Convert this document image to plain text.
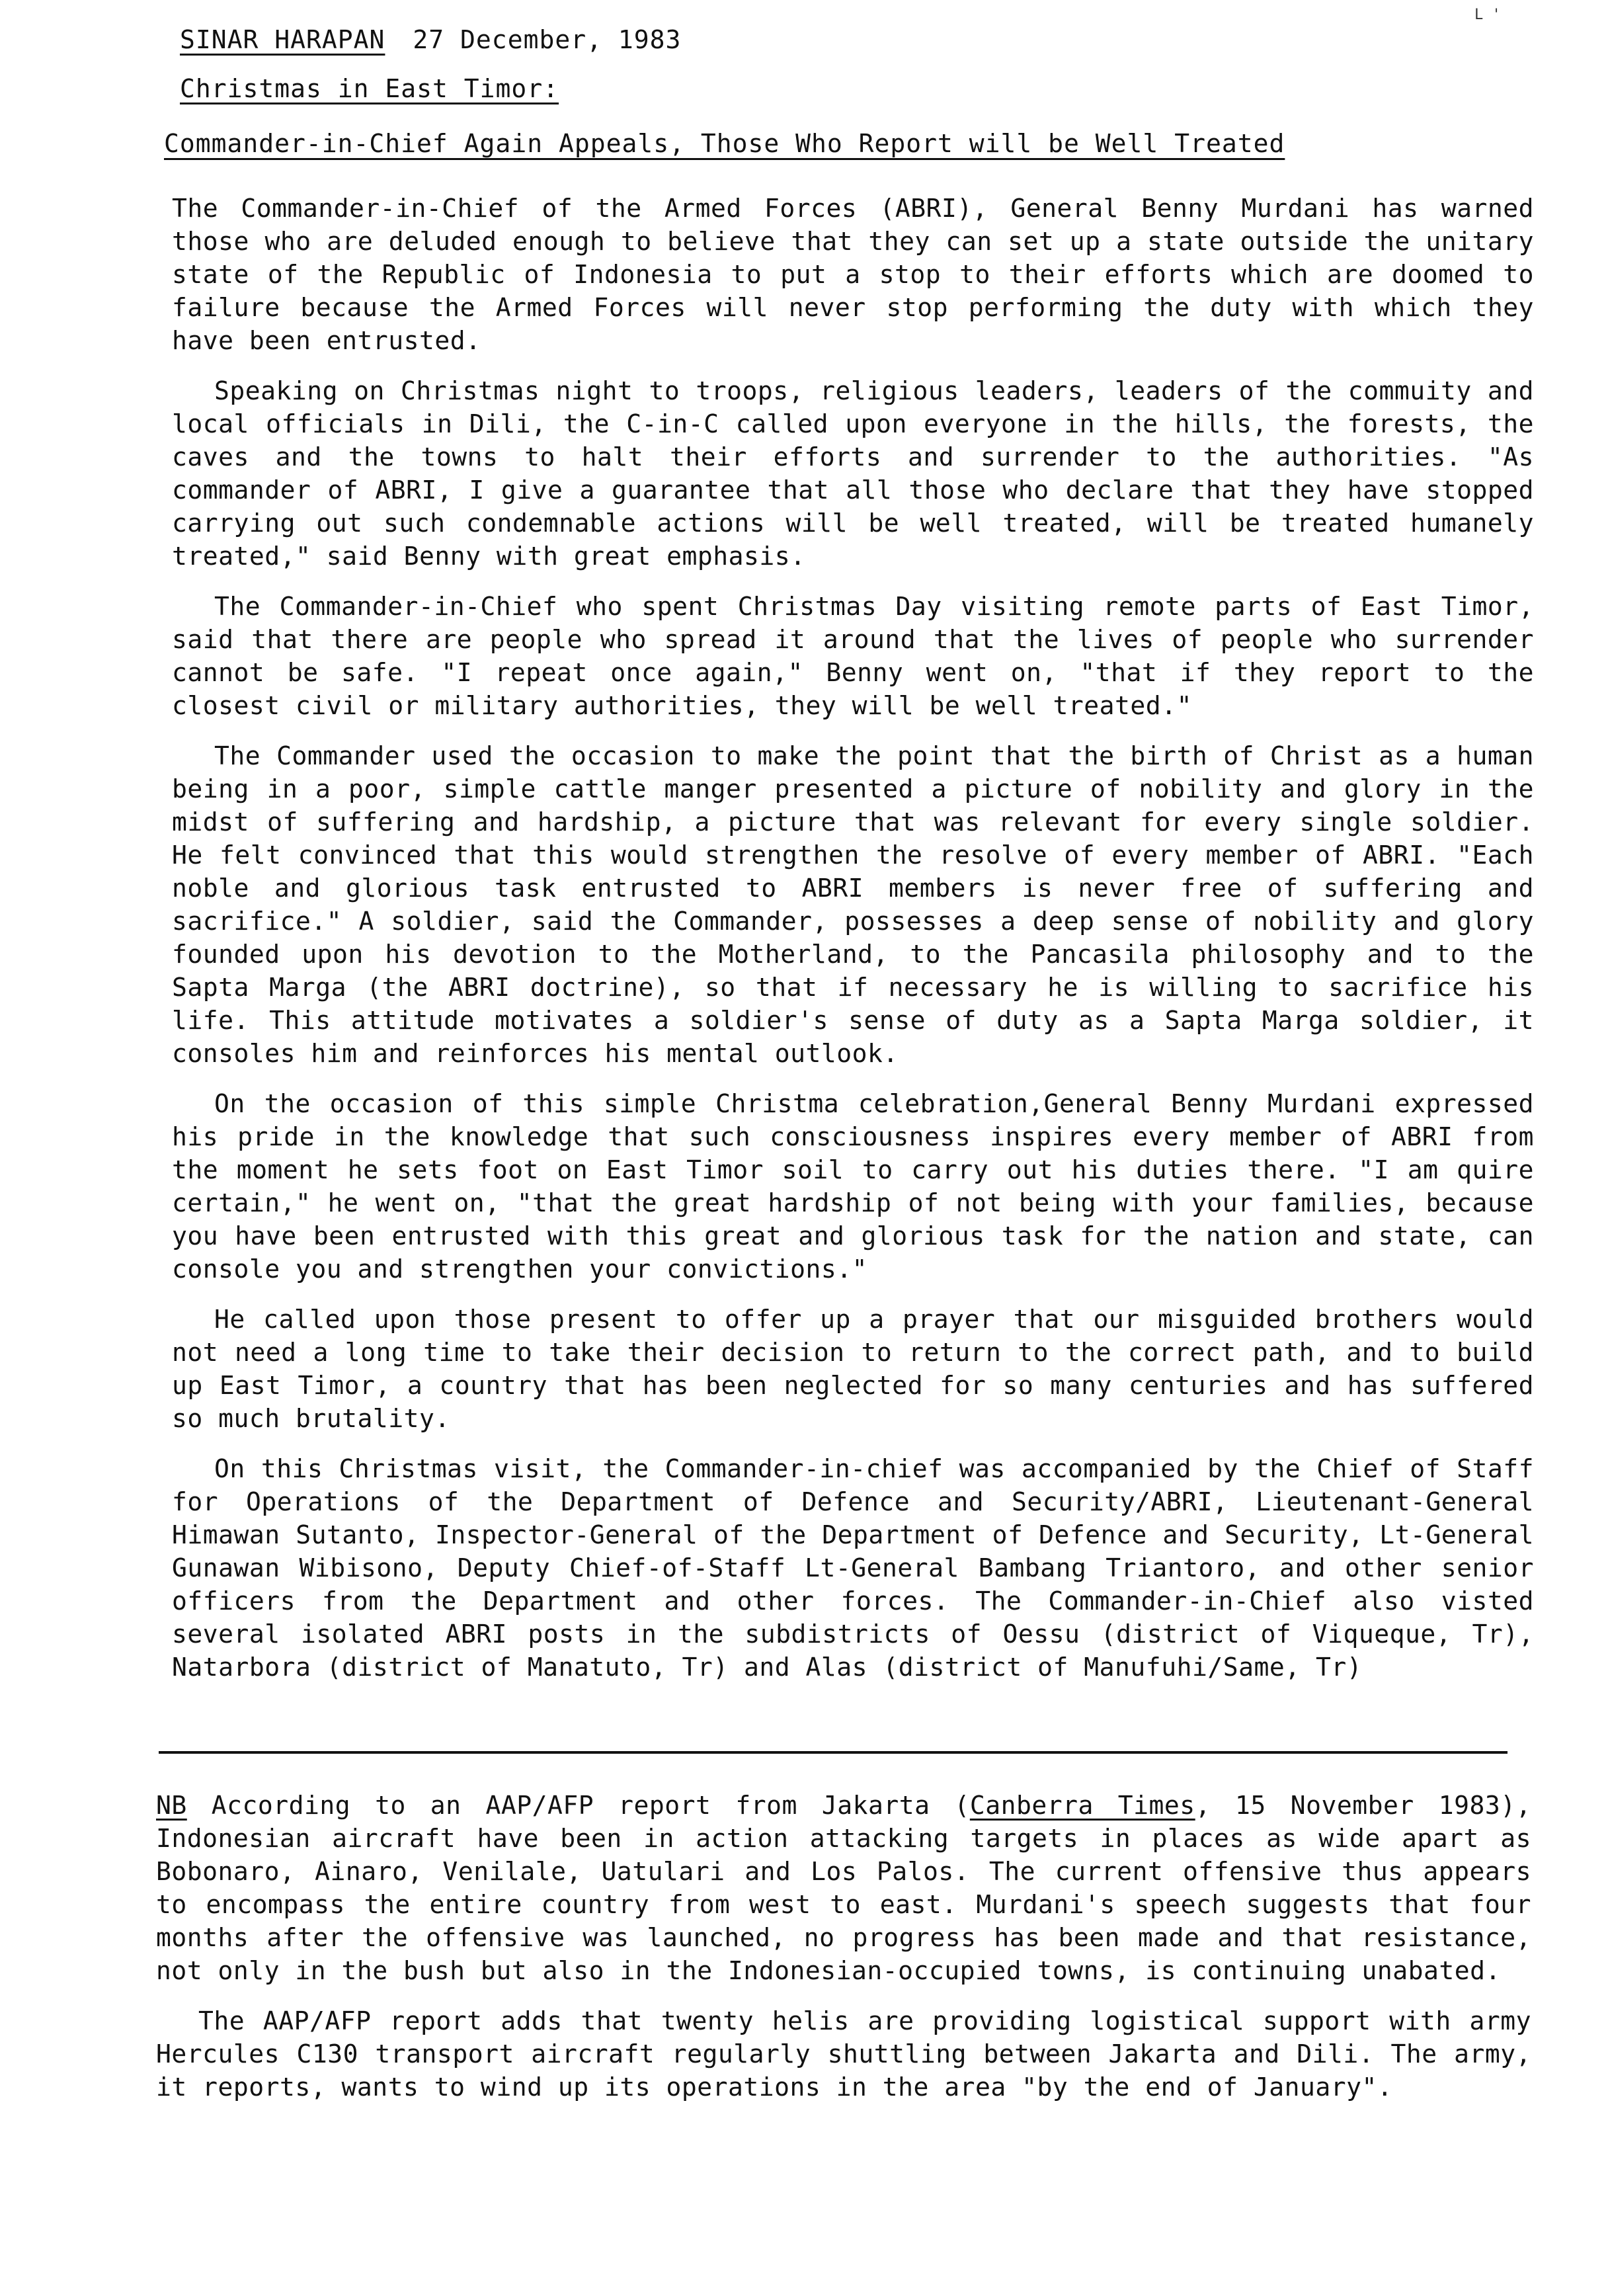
L '
SINAR HARAPAN 27 December, 1983
Christmas in East Timor:
Commander-in-Chief Again Appeals, Those Who Report will be Well Treated

The Commander-in-Chief of the Armed Forces (ABRI), General Benny Murdani has warned those who are deluded enough to believe that they can set up a state outside the unitary state of the Republic of Indonesia to put a stop to their efforts which are doomed to failure because the Armed Forces will never stop performing the duty with which they have been entrusted.

Speaking on Christmas night to troops, religious leaders, leaders of the commuity and local officials in Dili, the C-in-C called upon everyone in the hills, the forests, the caves and the towns to halt their efforts and surrender to the authorities. "As commander of ABRI, I give a guarantee that all those who declare that they have stopped carrying out such condemnable actions will be well treated, will be treated humanely treated," said Benny with great emphasis.

The Commander-in-Chief who spent Christmas Day visiting remote parts of East Timor, said that there are people who spread it around that the lives of people who surrender cannot be safe. "I repeat once again," Benny went on, "that if they report to the closest civil or military authorities, they will be well treated."

The Commander used the occasion to make the point that the birth of Christ as a human being in a poor, simple cattle manger presented a picture of nobility and glory in the midst of suffering and hardship, a picture that was relevant for every single soldier. He felt convinced that this would strengthen the resolve of every member of ABRI. "Each noble and glorious task entrusted to ABRI members is never free of suffering and sacrifice." A soldier, said the Commander, possesses a deep sense of nobility and glory founded upon his devotion to the Motherland, to the Pancasila philosophy and to the Sapta Marga (the ABRI doctrine), so that if necessary he is willing to sacrifice his life. This attitude motivates a soldier's sense of duty as a Sapta Marga soldier, it consoles him and reinforces his mental outlook.

On the occasion of this simple Christma celebration,General Benny Murdani expressed his pride in the knowledge that such consciousness inspires every member of ABRI from the moment he sets foot on East Timor soil to carry out his duties there. "I am quire certain," he went on, "that the great hardship of not being with your families, because you have been entrusted with this great and glorious task for the nation and state, can console you and strengthen your convictions."

He called upon those present to offer up a prayer that our misguided brothers would not need a long time to take their decision to return to the correct path, and to build up East Timor, a country that has been neglected for so many centuries and has suffered so much brutality.

On this Christmas visit, the Commander-in-chief was accompanied by the Chief of Staff for Operations of the Department of Defence and Security/ABRI, Lieutenant-General Himawan Sutanto, Inspector-General of the Department of Defence and Security, Lt-General Gunawan Wibisono, Deputy Chief-of-Staff Lt-General Bambang Triantoro, and other senior officers from the Department and other forces. The Commander-in-Chief also visted several isolated ABRI posts in the subdistricts of Oessu (district of Viqueque, Tr), Natarbora (district of Manatuto, Tr) and Alas (district of Manufuhi/Same, Tr)

NB According to an AAP/AFP report from Jakarta (Canberra Times, 15 November 1983), Indonesian aircraft have been in action attacking targets in places as wide apart as Bobonaro, Ainaro, Venilale, Uatulari and Los Palos. The current offensive thus appears to encompass the entire country from west to east. Murdani's speech suggests that four months after the offensive was launched, no progress has been made and that resistance, not only in the bush but also in the Indonesian-occupied towns, is continuing unabated.

The AAP/AFP report adds that twenty helis are providing logistical support with army Hercules C130 transport aircraft regularly shuttling between Jakarta and Dili. The army, it reports, wants to wind up its operations in the area "by the end of January".
